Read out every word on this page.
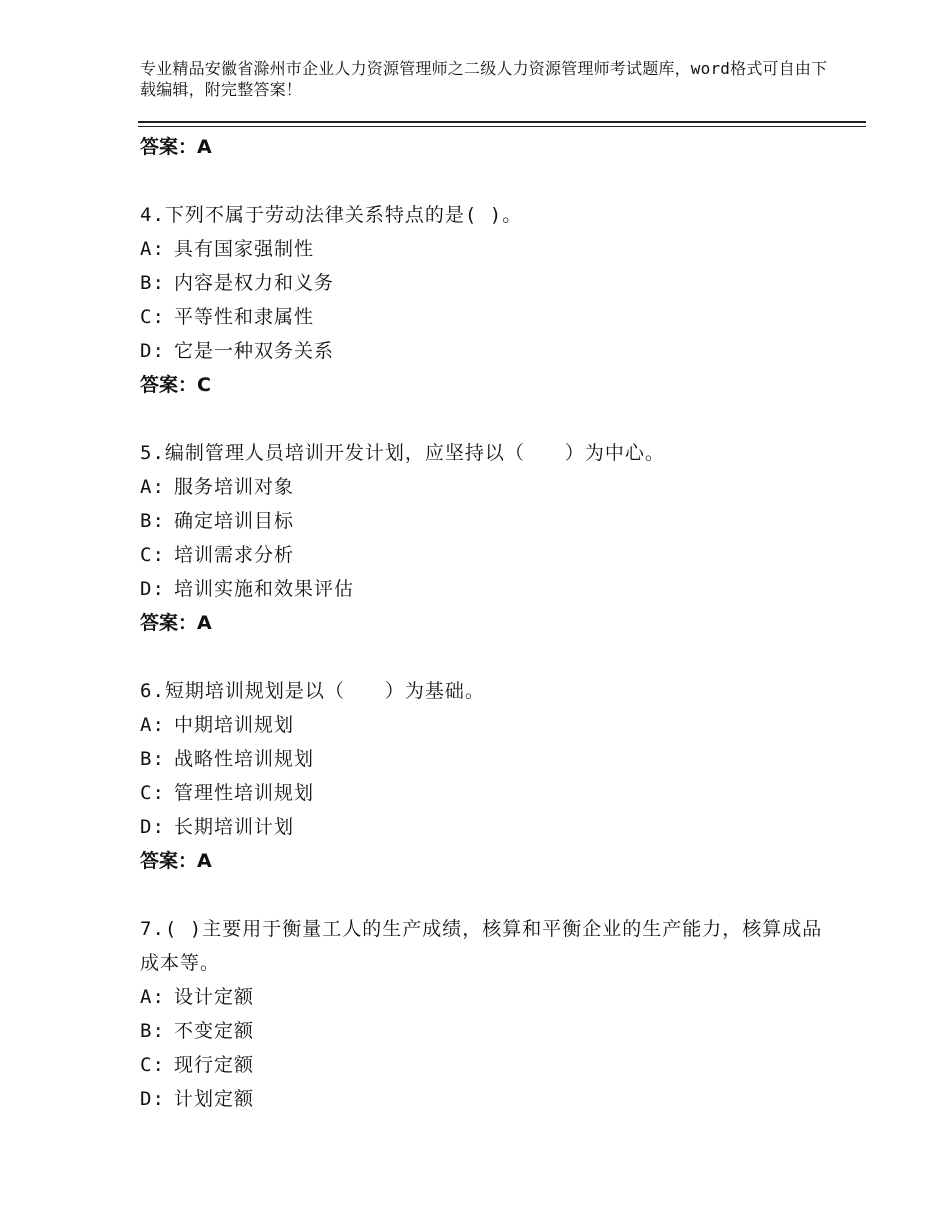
专业精品安徽省滁州市企业人力资源管理师之二级人力资源管理师考试题库，word格式可自由下载编辑，附完整答案！
答案：A
4.下列不属于劳动法律关系特点的是( )。
A: 具有国家强制性
B: 内容是权力和义务
C: 平等性和隶属性
D: 它是一种双务关系
答案：C
5.编制管理人员培训开发计划，应坚持以（　　）为中心。
A: 服务培训对象
B: 确定培训目标
C: 培训需求分析
D: 培训实施和效果评估
答案：A
6.短期培训规划是以（　　）为基础。
A: 中期培训规划
B: 战略性培训规划
C: 管理性培训规划
D: 长期培训计划
答案：A
7.( )主要用于衡量工人的生产成绩，核算和平衡企业的生产能力，核算成品成本等。
A: 设计定额
B: 不变定额
C: 现行定额
D: 计划定额
